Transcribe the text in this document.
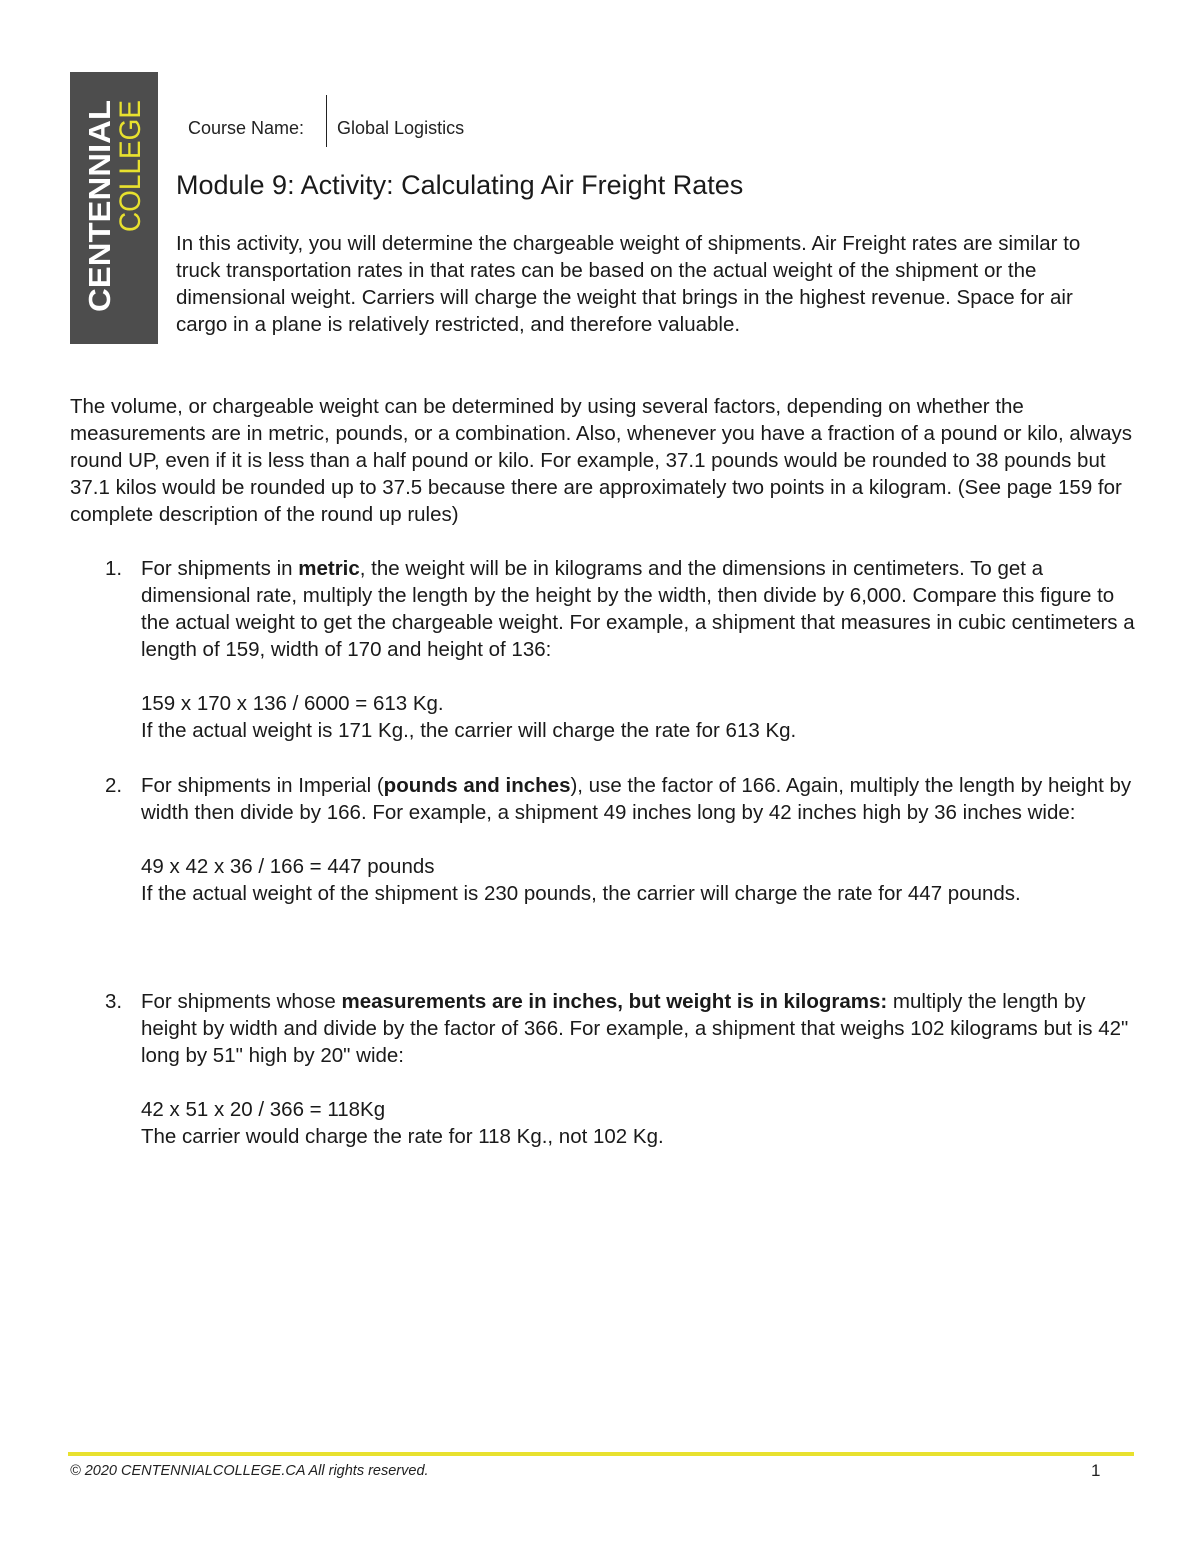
CENTENNIAL
COLLEGE Course Name: Global Logistics
Module 9: Activity: Calculating Air Freight Rates

In this activity, you will determine the chargeable weight of shipments. Air Freight rates are similar to truck transportation rates in that rates can be based on the actual weight of the shipment or the dimensional weight. Carriers will charge the weight that brings in the highest revenue. Space for air cargo in a plane is relatively restricted, and therefore valuable.

The volume, or chargeable weight can be determined by using several factors, depending on whether the measurements are in metric, pounds, or a combination. Also, whenever you have a fraction of a pound or kilo, always round UP, even if it is less than a half pound or kilo. For example, 37.1 pounds would be rounded to 38 pounds but 37.1 kilos would be rounded up to 37.5 because there are approximately two points in a kilogram. (See page 159 for complete description of the round up rules)

1. For shipments in metric, the weight will be in kilograms and the dimensions in centimeters. To get a dimensional rate, multiply the length by the height by the width, then divide by 6,000. Compare this figure to the actual weight to get the chargeable weight. For example, a shipment that measures in cubic centimeters a length of 159, width of 170 and height of 136:

159 x 170 x 136 / 6000 = 613 Kg.

If the actual weight is 171 Kg., the carrier will charge the rate for 613 Kg.

2. For shipments in Imperial (pounds and inches), use the factor of 166. Again, multiply the length by height by width then divide by 166. For example, a shipment 49 inches long by 42 inches high by 36 inches wide:

49 x 42 x 36 / 166 = 447 pounds

If the actual weight of the shipment is 230 pounds, the carrier will charge the rate for 447 pounds.

3. For shipments whose measurements are in inches, but weight is in kilograms: multiply the length by height by width and divide by the factor of 366. For example, a shipment that weighs 102 kilograms but is 42" long by 51" high by 20" wide:

42 x 51 x 20 / 366 = 118Kg

The carrier would charge the rate for 118 Kg., not 102 Kg.

© 2020 CENTENNIALCOLLEGE.CA All rights reserved.	1
